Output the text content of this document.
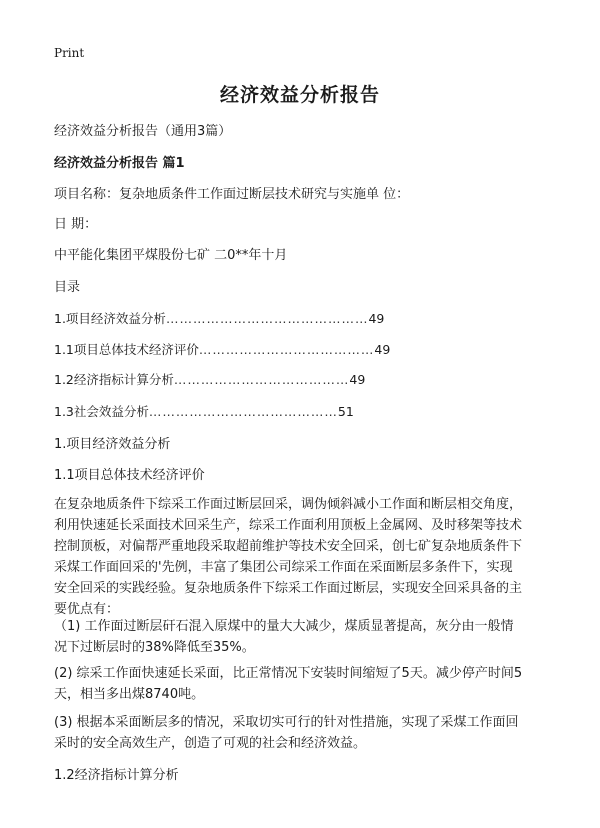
Print
经济效益分析报告
经济效益分析报告（通用3篇）
经济效益分析报告 篇1
项目名称：复杂地质条件工作面过断层技术研究与实施单 位：
日 期：
中平能化集团平煤股份七矿 二0**年十月
目录
1.项目经济效益分析………………………………………49
1.1项目总体技术经济评价…………………………………49
1.2经济指标计算分析…………………………………49
1.3社会效益分析……………………………………51
1.项目经济效益分析
1.1项目总体技术经济评价
在复杂地质条件下综采工作面过断层回采，调伪倾斜减小工作面和断层相交角度，
利用快速延长采面技术回采生产，综采工作面利用顶板上金属网、及时移架等技术
控制顶板，对偏帮严重地段采取超前维护等技术安全回采，创七矿复杂地质条件下
采煤工作面回采的'先例，丰富了集团公司综采工作面在采面断层多条件下，实现
安全回采的实践经验。复杂地质条件下综采工作面过断层，实现安全回采具备的主
要优点有：
（1) 工作面过断层矸石混入原煤中的量大大减少，煤质显著提高，灰分由一般情
况下过断层时的38%降低至35%。
(2) 综采工作面快速延长采面，比正常情况下安装时间缩短了5天。减少停产时间5
天，相当多出煤8740吨。
(3) 根据本采面断层多的情况，采取切实可行的针对性措施，实现了采煤工作面回
采时的安全高效生产，创造了可观的社会和经济效益。
1.2经济指标计算分析
